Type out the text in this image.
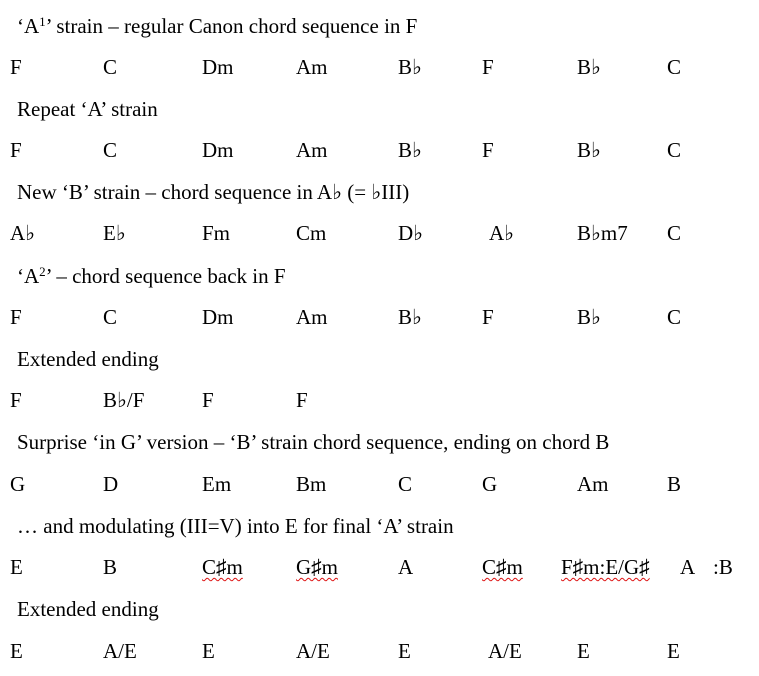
‘$A^1$’ strain – regular Canon chord sequence in F
F	C	Dm	Am	B♭	F	B♭	C
Repeat ‘A’ strain
F	C	Dm	Am	B♭	F	B♭	C
New ‘B’ strain – chord sequence in A♭ (= ♭III)
A♭	E♭	Fm	Cm	D♭	A♭	B♭m7 C
‘$A^2$’ – chord sequence back in F
F	C	Dm	Am	B♭	F	B♭	C
Extended ending
F	B♭/F	F	F
Surprise ‘in G’ version – ‘B’ strain chord sequence, ending on chord B
G	D	Em	Bm	C	G	Am	B
… and modulating (III=V) into E for final ‘A’ strain
E	B	C♯m	G♯m	A	C♯m F♯m:E/G♯ A :B
Extended ending
E	A/E	E	A/E	E	A/E	E	E
